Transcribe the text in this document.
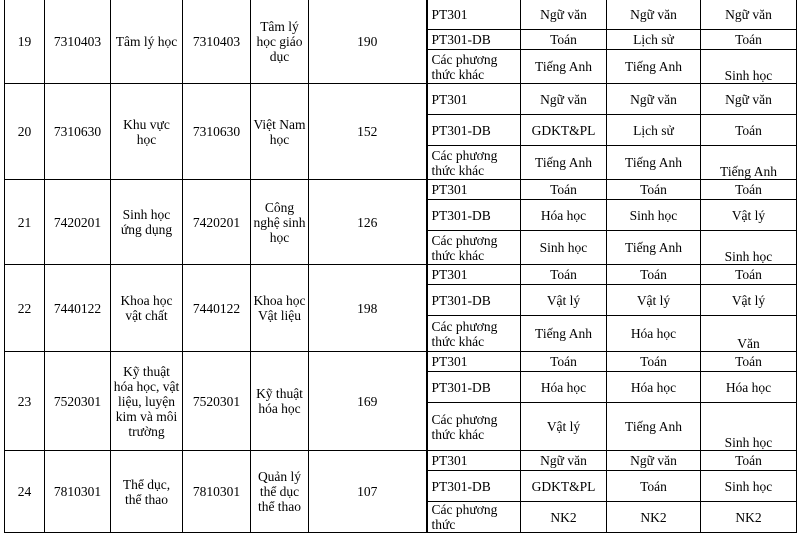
19	7310403	Tâm lý học	7310403	Tâm lý học giáo dục	190	PT301	Ngữ văn	Ngữ văn	Ngữ văn	
						PT301-DB	Toán	Lịch sử	Toán	
						Các phương thức khác	Tiếng Anh	Tiếng Anh	Sinh học	
20	7310630	Khu vực học	7310630	Việt Nam học	152	PT301	Ngữ văn	Ngữ văn	Ngữ văn	
						PT301-DB	GDKT&PL	Lịch sử	Toán	
						Các phương thức khác	Tiếng Anh	Tiếng Anh	Tiếng Anh	
21	7420201	Sinh học ứng dụng	7420201	Công nghệ sinh học	126	PT301	Toán	Toán	Toán	
						PT301-DB	Hóa học	Sinh học	Vật lý	
						Các phương thức khác	Sinh học	Tiếng Anh	Sinh học	
22	7440122	Khoa học vật chất	7440122	Khoa học Vật liệu	198	PT301	Toán	Toán	Toán	
						PT301-DB	Vật lý	Vật lý	Vật lý	
						Các phương thức khác	Tiếng Anh	Hóa học	Văn	
23	7520301	Kỹ thuật hóa học, vật liệu, luyện kim và môi trường	7520301	Kỹ thuật hóa học	169	PT301	Toán	Toán	Toán	
						PT301-DB	Hóa học	Hóa học	Hóa học	
						Các phương thức khác	Vật lý	Tiếng Anh	Sinh học	
24	7810301	Thể dục, thể thao	7810301	Quản lý thể dục thể thao	107	PT301	Ngữ văn	Ngữ văn	Toán	
						PT301-DB	GDKT&PL	Toán	Sinh học	
						Các phương thức	NK2	NK2	NK2	
